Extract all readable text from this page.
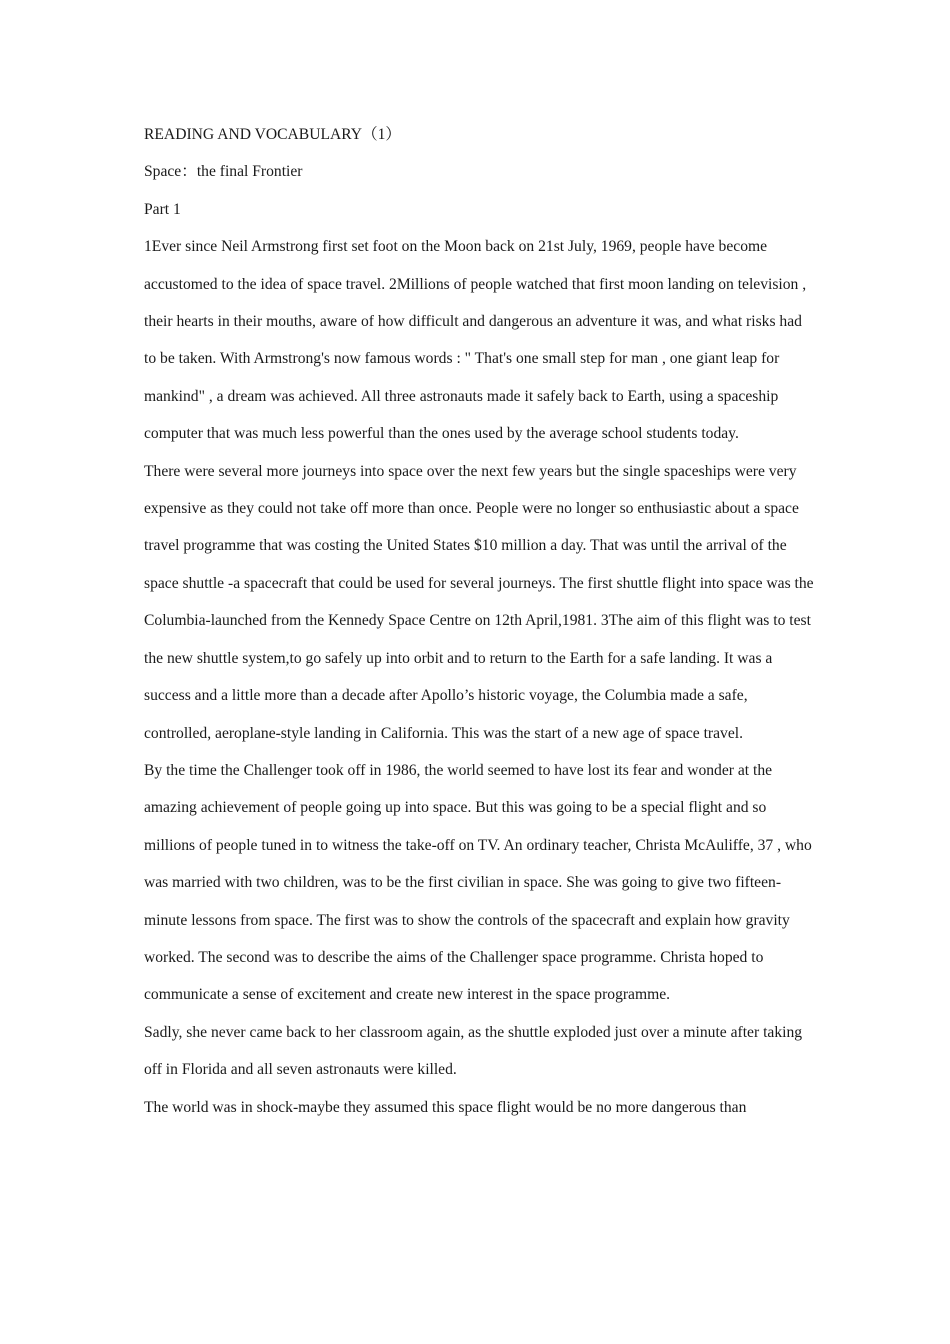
READING AND VOCABULARY（1）

Space：the final Frontier

Part 1

1Ever since Neil Armstrong first set foot on the Moon back on 21st July, 1969, people have become accustomed to the idea of space travel. 2Millions of people watched that first moon landing on television , their hearts in their mouths, aware of how difficult and dangerous an adventure it was, and what risks had to be taken. With Armstrong's now famous words : " That's one small step for man , one giant leap for mankind" , a dream was achieved. All three astronauts made it safely back to Earth, using a spaceship computer that was much less powerful than the ones used by the average school students today.

There were several more journeys into space over the next few years but the single spaceships were very expensive as they could not take off more than once. People were no longer so enthusiastic about a space travel programme that was costing the United States $10 million a day. That was until the arrival of the space shuttle -a spacecraft that could be used for several journeys. The first shuttle flight into space was the Columbia-launched from the Kennedy Space Centre on 12th April,1981. 3The aim of this flight was to test the new shuttle system,to go safely up into orbit and to return to the Earth for a safe landing. It was a success and a little more than a decade after Apollo’s historic voyage, the Columbia made a safe, controlled, aeroplane-style landing in California. This was the start of a new age of space travel.

By the time the Challenger took off in 1986, the world seemed to have lost its fear and wonder at the amazing achievement of people going up into space. But this was going to be a special flight and so millions of people tuned in to witness the take-off on TV. An ordinary teacher, Christa McAuliffe, 37 , who was married with two children, was to be the first civilian in space. She was going to give two fifteen-minute lessons from space. The first was to show the controls of the spacecraft and explain how gravity worked. The second was to describe the aims of the Challenger space programme. Christa hoped to communicate a sense of excitement and create new interest in the space programme.

Sadly, she never came back to her classroom again, as the shuttle exploded just over a minute after taking off in Florida and all seven astronauts were killed.

The world was in shock-maybe they assumed this space flight would be no more dangerous than
